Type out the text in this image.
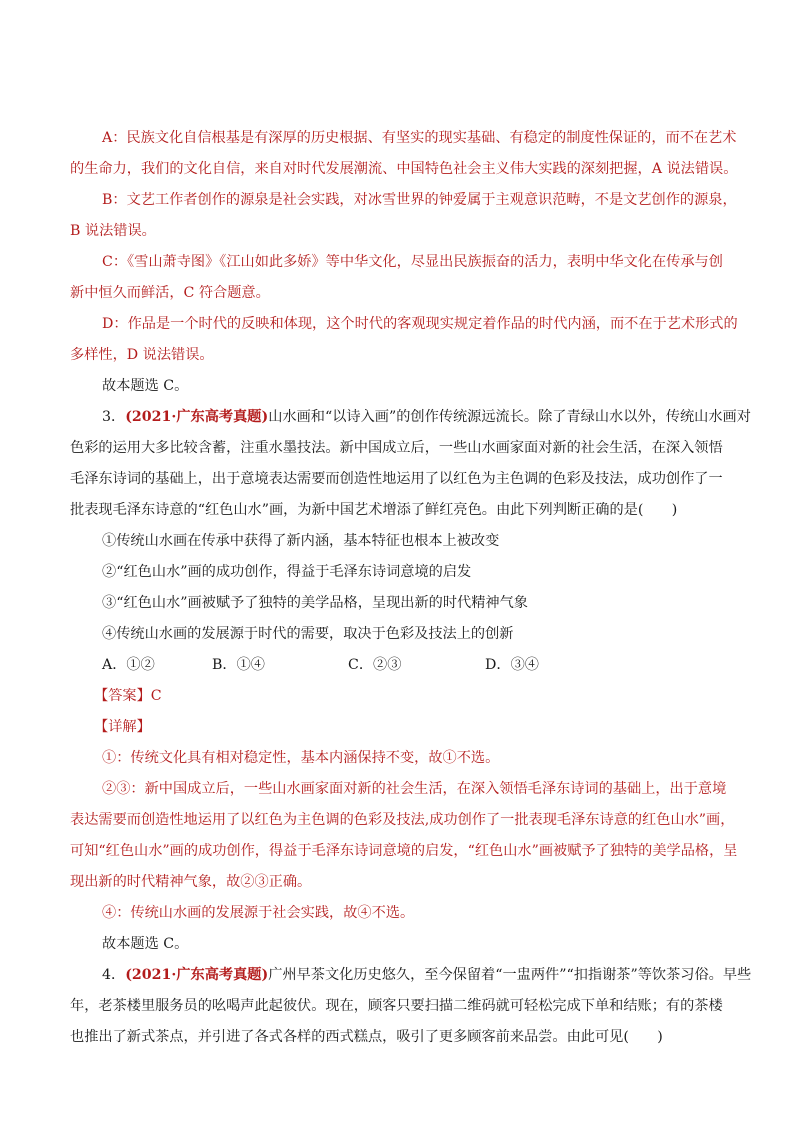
A：民族文化自信根基是有深厚的历史根据、有坚实的现实基础、有稳定的制度性保证的，而不在艺术
的生命力，我们的文化自信，来自对时代发展潮流、中国特色社会主义伟大实践的深刻把握，A 说法错误。
B：文艺工作者创作的源泉是社会实践，对冰雪世界的钟爱属于主观意识范畴，不是文艺创作的源泉，
B 说法错误。
C：《雪山萧寺图》《江山如此多娇》等中华文化，尽显出民族振奋的活力，表明中华文化在传承与创
新中恒久而鲜活，C 符合题意。
D：作品是一个时代的反映和体现，这个时代的客观现实规定着作品的时代内涵，而不在于艺术形式的
多样性，D 说法错误。
故本题选 C。
3．(2021·广东高考真题)山水画和“以诗入画”的创作传统源远流长。除了青绿山水以外，传统山水画对
色彩的运用大多比较含蓄，注重水墨技法。新中国成立后，一些山水画家面对新的社会生活，在深入领悟
毛泽东诗词的基础上，出于意境表达需要而创造性地运用了以红色为主色调的色彩及技法，成功创作了一
批表现毛泽东诗意的“红色山水”画，为新中国艺术增添了鲜红亮色。由此下列判断正确的是(　　)
①传统山水画在传承中获得了新内涵，基本特征也根本上被改变
②“红色山水”画的成功创作，得益于毛泽东诗词意境的启发
③“红色山水”画被赋予了独特的美学品格，呈现出新的时代精神气象
④传统山水画的发展源于时代的需要，取决于色彩及技法上的创新
A．①②	B．①④	C．②③	D．③④
【答案】C
【详解】
①：传统文化具有相对稳定性，基本内涵保持不变，故①不选。
②③：新中国成立后，一些山水画家面对新的社会生活，在深入领悟毛泽东诗词的基础上，出于意境
表达需要而创造性地运用了以红色为主色调的色彩及技法,成功创作了一批表现毛泽东诗意的红色山水”画，
可知“红色山水”画的成功创作，得益于毛泽东诗词意境的启发，“红色山水”画被赋予了独特的美学品格，呈
现出新的时代精神气象，故②③正确。
④：传统山水画的发展源于社会实践，故④不选。
故本题选 C。
4．(2021·广东高考真题)广州早茶文化历史悠久，至今保留着“一盅两件”“扣指谢茶”等饮茶习俗。早些
年，老茶楼里服务员的吆喝声此起彼伏。现在，顾客只要扫描二维码就可轻松完成下单和结账；有的茶楼
也推出了新式茶点，并引进了各式各样的西式糕点，吸引了更多顾客前来品尝。由此可见(　　)
